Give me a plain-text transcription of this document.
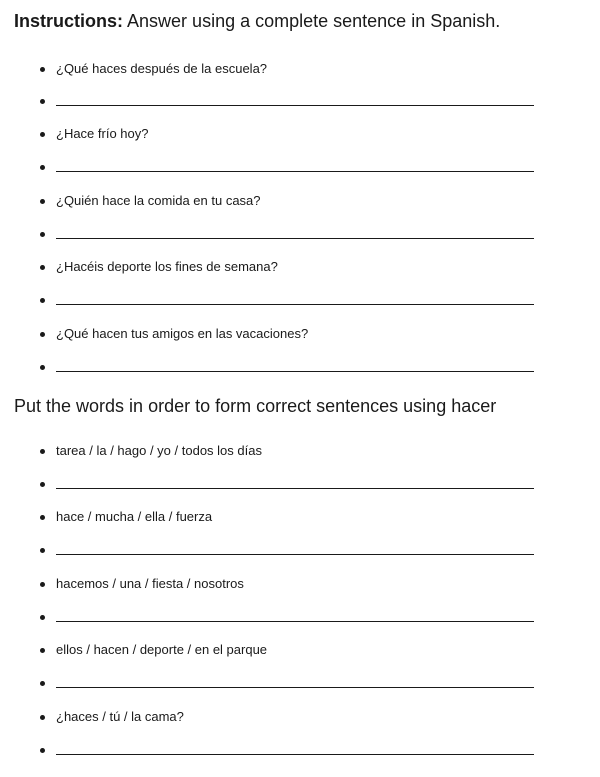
Instructions: Answer using a complete sentence in Spanish.
¿Qué haces después de la escuela?
¿Hace frío hoy?
¿Quién hace la comida en tu casa?
¿Hacéis deporte los fines de semana?
¿Qué hacen tus amigos en las vacaciones?
Put the words in order to form correct sentences using hacer
tarea / la / hago / yo / todos los días
hace / mucha / ella / fuerza
hacemos / una / fiesta / nosotros
ellos / hacen / deporte / en el parque
¿haces / tú / la cama?
